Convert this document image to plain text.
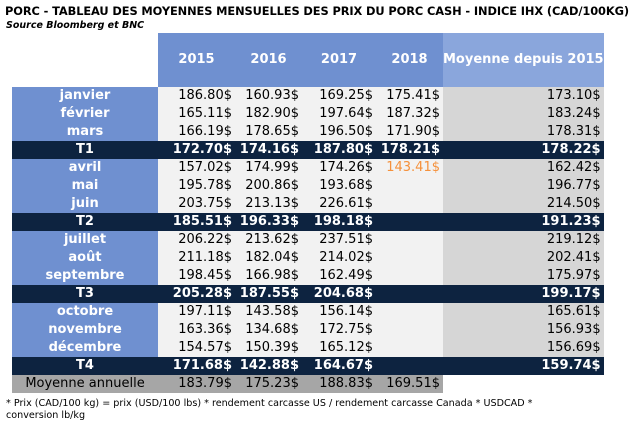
PORC - TABLEAU DES MOYENNES MENSUELLES DES PRIX DU PORC CASH - INDICE IHX (CAD/100KG)
Source Bloomberg et BNC
	2015	2016	2017	2018	Moyenne depuis 2015
janvier	186.80$	160.93$	169.25$	175.41$	173.10$
février	165.11$	182.90$	197.64$	187.32$	183.24$
mars	166.19$	178.65$	196.50$	171.90$	178.31$
T1	172.70$	174.16$	187.80$	178.21$	178.22$
avril	157.02$	174.99$	174.26$	143.41$	162.42$
mai	195.78$	200.86$	193.68$		196.77$
juin	203.75$	213.13$	226.61$		214.50$
T2	185.51$	196.33$	198.18$		191.23$
juillet	206.22$	213.62$	237.51$		219.12$
août	211.18$	182.04$	214.02$		202.41$
septembre	198.45$	166.98$	162.49$		175.97$
T3	205.28$	187.55$	204.68$		199.17$
octobre	197.11$	143.58$	156.14$		165.61$
novembre	163.36$	134.68$	172.75$		156.93$
décembre	154.57$	150.39$	165.12$		156.69$
T4	171.68$	142.88$	164.67$		159.74$
Moyenne annuelle	183.79$	175.23$	188.83$	169.51$	
* Prix (CAD/100 kg) = prix (USD/100 lbs) * rendement carcasse US / rendement carcasse Canada * USDCAD * conversion lb/kg
